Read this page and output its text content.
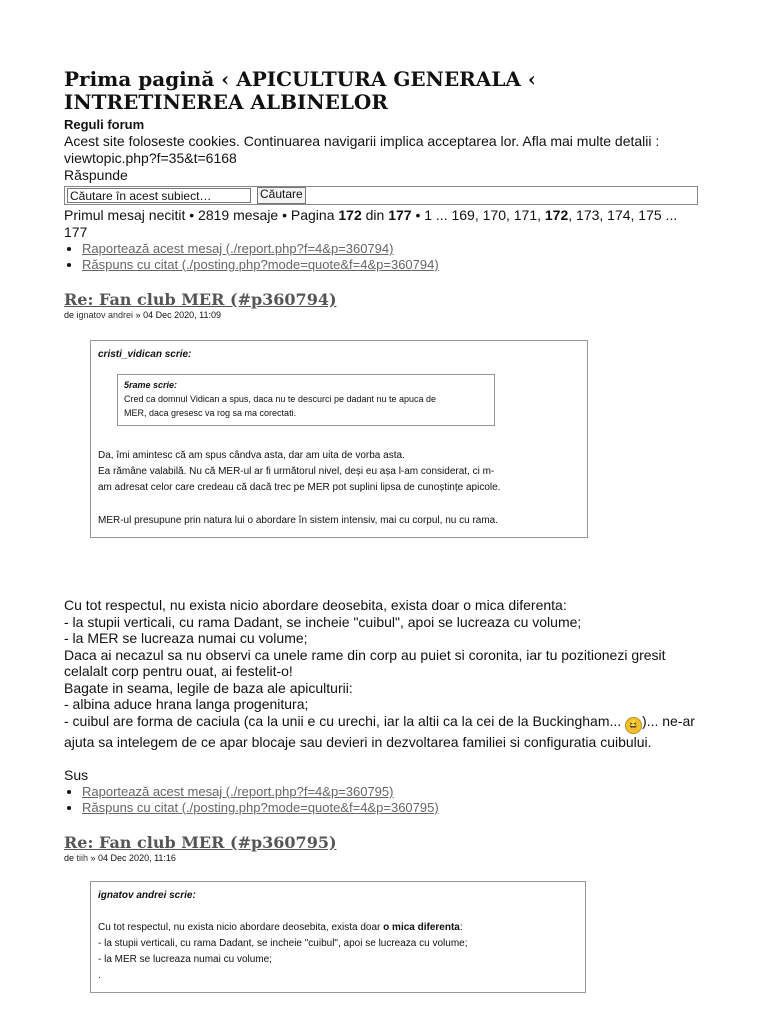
Prima pagină ‹ APICULTURA GENERALA ‹ INTRETINEREA ALBINELOR
Reguli forum
Acest site foloseste cookies. Continuarea navigarii implica acceptarea lor. Afla mai multe detalii : viewtopic.php?f=35&t=6168
Răspunde
Căutare în acest subiect…
Căutare
Primul mesaj necitit • 2819 mesaje • Pagina 172 din 177 • 1 ... 169, 170, 171, 172, 173, 174, 175 ... 177
• Raportează acest mesaj (./report.php?f=4&p=360794)
• Răspuns cu citat (./posting.php?mode=quote&f=4&p=360794)
Re: Fan club MER (#p360794)
de ignatov andrei » 04 Dec 2020, 11:09
cristi_vidican scrie:
5rame scrie:
Cred ca domnul Vidican a spus, daca nu te descurci pe dadant nu te apuca de
MER, daca gresesc va rog sa ma corectati.
Da, îmi amintesc că am spus cândva asta, dar am uita de vorba asta.
Ea rămâne valabilă. Nu că MER-ul ar fi următorul nivel, deși eu așa l-am considerat, ci m-
am adresat celor care credeau că dacă trec pe MER pot suplini lipsa de cunoștințe apicole.
MER-ul presupune prin natura lui o abordare în sistem intensiv, mai cu corpul, nu cu rama.
Cu tot respectul, nu exista nicio abordare deosebita, exista doar o mica diferenta:
- la stupii verticali, cu rama Dadant, se incheie "cuibul", apoi se lucreaza cu volume;
- la MER se lucreaza numai cu volume;
Daca ai necazul sa nu observi ca unele rame din corp au puiet si coronita, iar tu pozitionezi gresit celalalt corp pentru ouat, ai festelit-o!
Bagate in seama, legile de baza ale apiculturii:
- albina aduce hrana langa progenitura;
- cuibul are forma de caciula (ca la unii e cu urechi, iar la altii ca la cei de la Buckingham... 😆 )... ne-ar ajuta sa intelegem de ce apar blocaje sau devieri in dezvoltarea familiei si configuratia cuibului.
Sus
• Raportează acest mesaj (./report.php?f=4&p=360795)
• Răspuns cu citat (./posting.php?mode=quote&f=4&p=360795)
Re: Fan club MER (#p360795)
de tiih » 04 Dec 2020, 11:16
ignatov andrei scrie:
Cu tot respectul, nu exista nicio abordare deosebita, exista doar o mica diferenta:
- la stupii verticali, cu rama Dadant, se incheie "cuibul", apoi se lucreaza cu volume;
- la MER se lucreaza numai cu volume;
.
